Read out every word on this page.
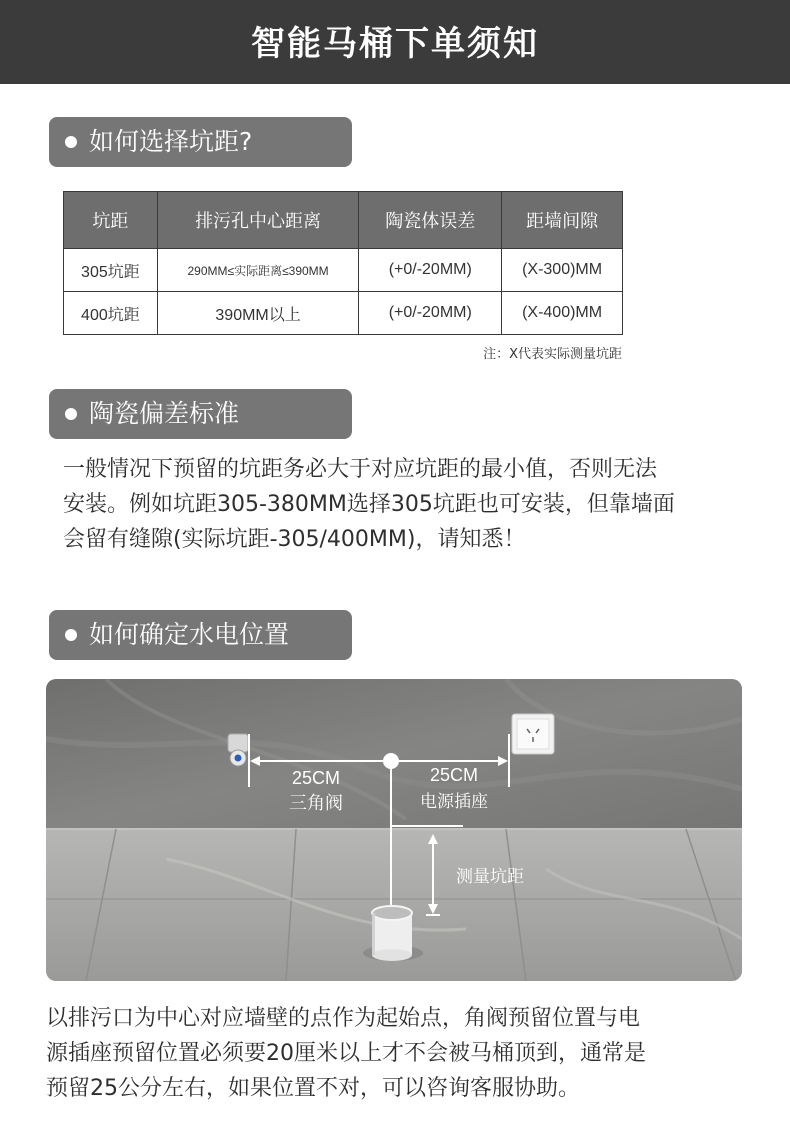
智能马桶下单须知
如何选择坑距?
坑距	排污孔中心距离	陶瓷体误差	距墙间隙
305坑距	290MM≤实际距离≤390MM	(+0/-20MM)	(X-300)MM
400坑距	390MM以上	(+0/-20MM)	(X-400)MM
注：X代表实际测量坑距
陶瓷偏差标准
一般情况下预留的坑距务必大于对应坑距的最小值，否则无法
安装。例如坑距305-380MM选择305坑距也可安装，但靠墙面
会留有缝隙(实际坑距-305/400MM)，请知悉！
如何确定水电位置
25CM
三角阀
25CM
电源插座
测量坑距
以排污口为中心对应墙壁的点作为起始点，角阀预留位置与电
源插座预留位置必须要20厘米以上才不会被马桶顶到，通常是
预留25公分左右，如果位置不对，可以咨询客服协助。
